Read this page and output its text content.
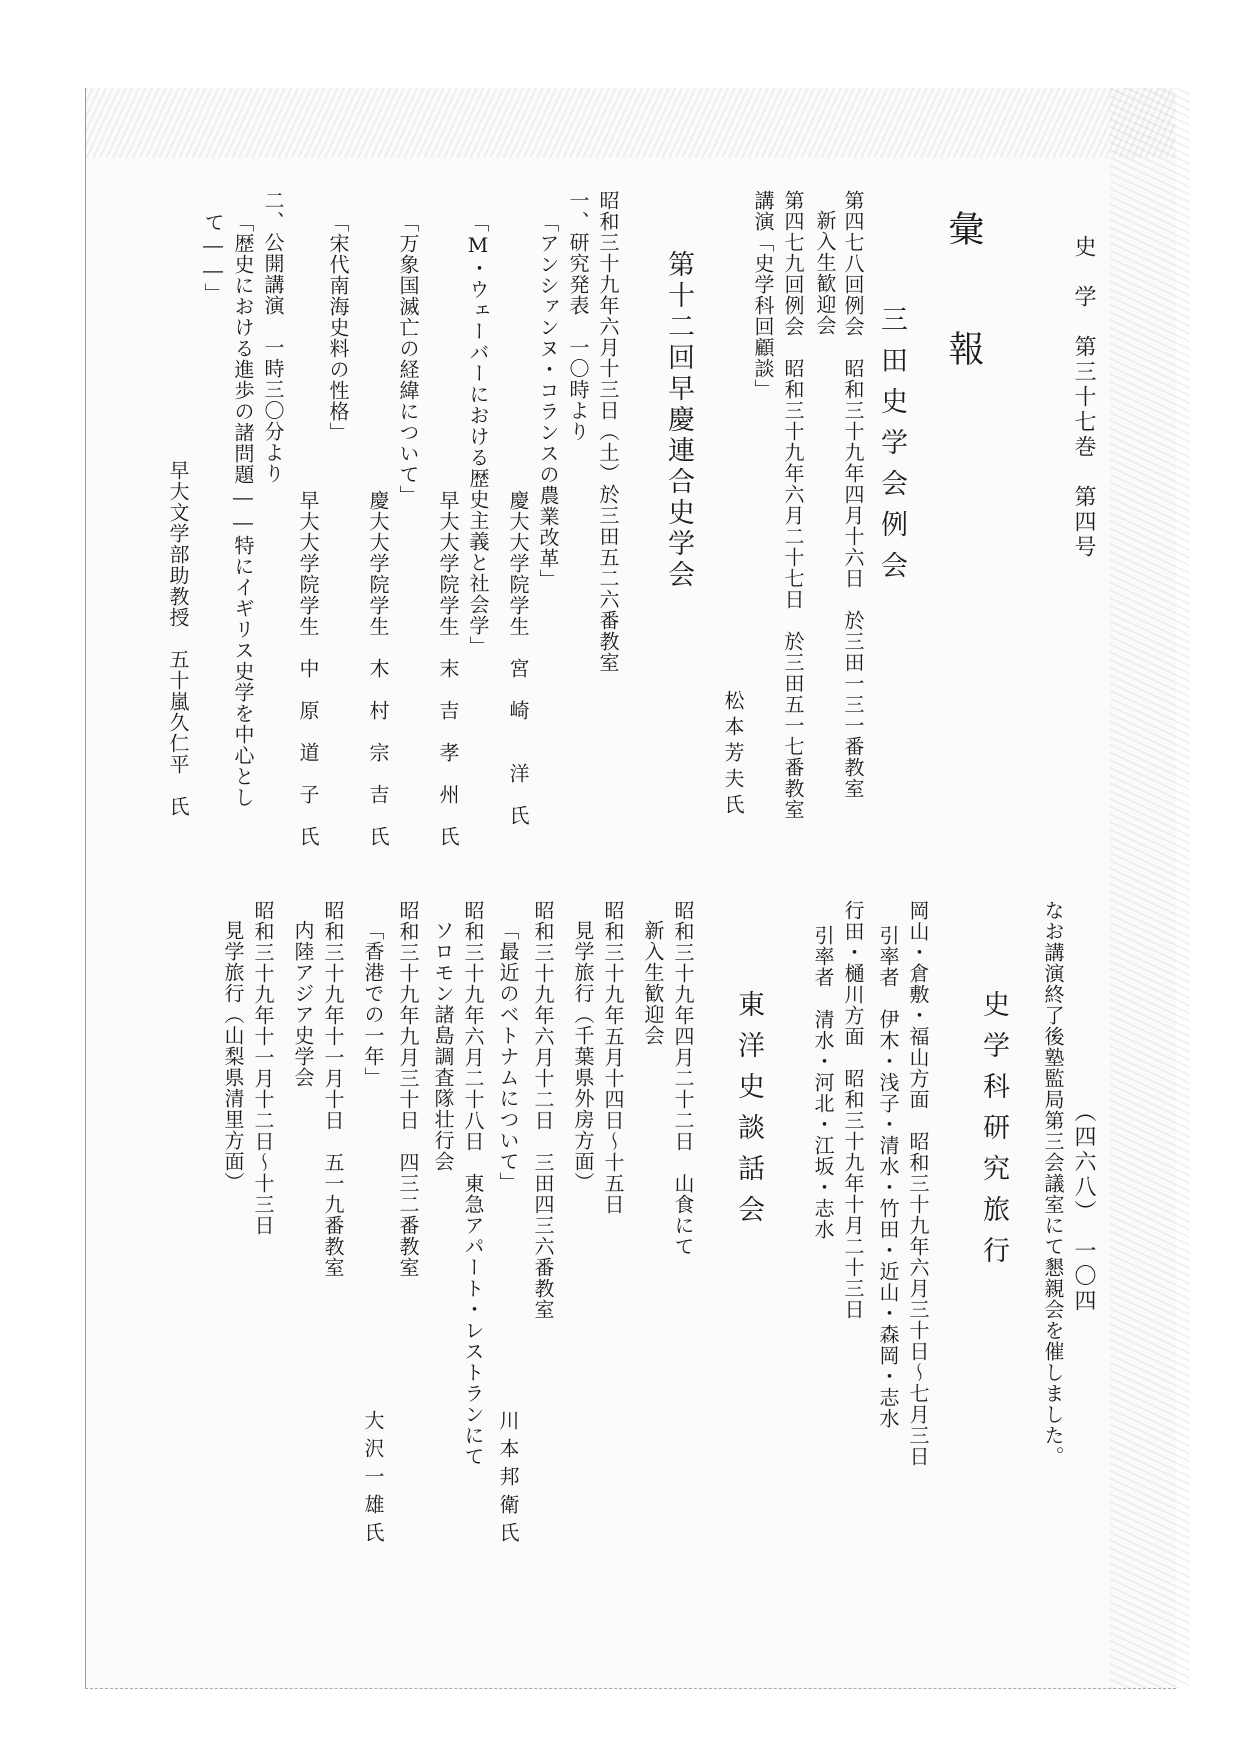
史　学　第三十七巻　第四号
（四六八）　一〇四
彙　報
三田史学会例会
第四七八回例会　昭和三十九年四月十六日　於三田一三一番教室
新入生歓迎会
第四七九回例会　昭和三十九年六月二十七日　於三田五一七番教室
講演「史学科回顧談」
松本芳夫氏
第十二回早慶連合史学会
昭和三十九年六月十三日（土）於三田五二六番教室
一、研究発表　一〇時より
「アンシァンヌ・コランスの農業改革」
慶大大学院学生　宮　崎　　洋　氏
「M・ウェーバーにおける歴史主義と社会学」
早大大学院学生　末　吉　孝　州　氏
「万象国滅亡の経緯について」
慶大大学院学生　木　村　宗　吉　氏
「宋代南海史料の性格」
早大大学院学生　中　原　道　子　氏
二、公開講演　一時三〇分より
「歴史における進歩の諸問題――特にイギリス史学を中心とし
て――」
早大文学部助教授　五十嵐久仁平　氏
なお講演終了後塾監局第三会議室にて懇親会を催しました。
史学科研究旅行
岡山・倉敷・福山方面　昭和三十九年六月三十日〜七月三日
引率者　伊木・浅子・清水・竹田・近山・森岡・志水
行田・樋川方面　昭和三十九年十月二十三日
引率者　清水・河北・江坂・志水
東洋史談話会
昭和三十九年四月二十二日　山食にて
新入生歓迎会
昭和三十九年五月十四日〜十五日
見学旅行（千葉県外房方面）
昭和三十九年六月十二日　三田四三六番教室
「最近のベトナムについて」
川本邦衛氏
昭和三十九年六月二十八日　東急アパート・レストランにて
ソロモン諸島調査隊壮行会
昭和三十九年九月三十日　四三二番教室
「香港での一年」
大沢一雄氏
昭和三十九年十一月十日　五一九番教室
内陸アジア史学会
昭和三十九年十一月十二日〜十三日
見学旅行（山梨県清里方面）
